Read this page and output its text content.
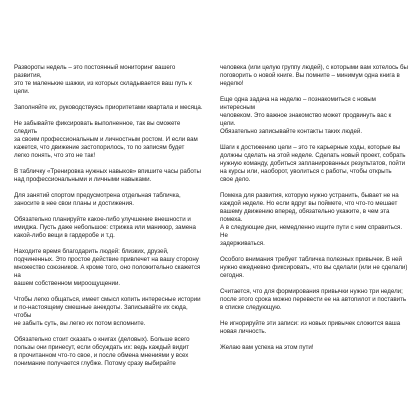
Развороты недель – это постоянный мониторинг вашего развития,
это те маленькие шажки, из которых складывается ваш путь к цели.

Заполняйте их, руководствуясь приоритетами квартала и месяца.

Не забывайте фиксировать выполненное, так вы сможете следить
за своим профессиональным и личностным ростом. И если вам
кажется, что движение застопорилось, то по записям будет
легко понять, что это не так!

В табличку «Тренировка нужных навыков» впишите часы работы
над профессиональными и личными навыками.

Для занятий спортом предусмотрена отдельная табличка,
заносите в нее свои планы и достижения.

Обязательно планируйте какое-либо улучшение внешности и
имиджа. Пусть даже небольшое: стрижка или маникюр, замена
какой-либо вещи в гардеробе и т.д.

Находите время благодарить людей: близких, друзей,
подчиненных. Это простое действие привлечет на вашу сторону
множество союзников. А кроме того, оно положительно скажется на
вашем собственном мироощущении.

Чтобы легко общаться, имеет смысл копить интересные истории
и по-настоящему смешные анекдоты. Записывайте их сюда, чтобы
не забыть суть, вы легко их потом вспомните.

Обязательно стоит сказать о книгах (деловых). Больше всего
пользы они принесут, если обсуждать их: ведь каждый видит
в прочитанном что-то свое, и после обмена мнениями у всех
понимание получается глубже. Потому сразу выбирайте

человека (или целую группу людей), с которыми вам хотелось бы
поговорить о новой книге. Вы помните – минимум одна книга в
неделю!

Еще одна задача на неделю – познакомиться с новым интересным
человеком. Это важное знакомство может продвинуть вас к цели.
Обязательно записывайте контакты таких людей.

Шаги к достижению цели – это те карьерные ходы, которые вы
должны сделать на этой неделе. Сделать новый проект, собрать
нужную команду, добиться запланированных результатов, пойти
на курсы или, наоборот, уволиться с работы, чтобы открыть
свое дело.

Помеха для развития, которую нужно устранить, бывает не на
каждой неделе. Но если вдруг вы поймете, что что-то мешает
вашему движению вперед, обязательно укажите, в чем эта помеха.
А в следующие дни, немедленно ищите пути с ним справиться. Не
задерживаться.

Особого внимания требует табличка полезных привычек. В ней
нужно ежедневно фиксировать, что вы сделали (или не сделали)
сегодня.

Считается, что для формирования привычки нужно три недели;
после этого срока можно перевести ее на автопилот и поставить
в списке следующую.

Не игнорируйте эти записи: из новых привычек сложится ваша
новая личность.

Желаю вам успеха на этом пути!
